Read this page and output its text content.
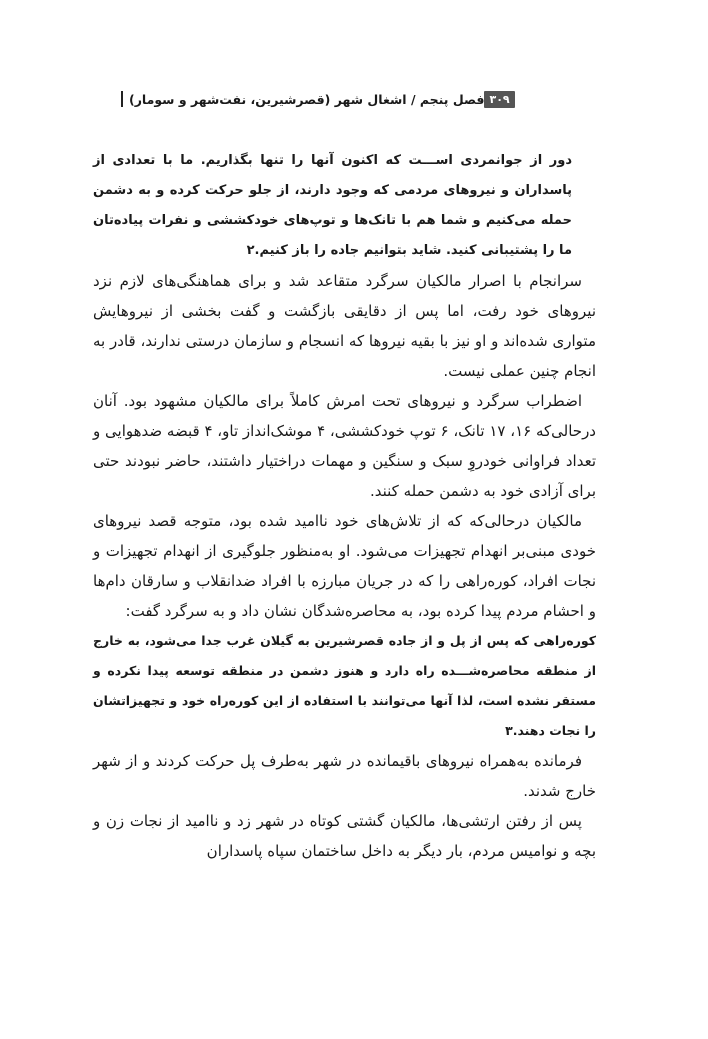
فصل پنجم / اشغال شهر (قصرشیرین، نفت‌شهر و سومار) ۳۰۹

دور از جوانمردی اســـت که اکنون آنها را تنها بگذاریم. ما با تعدادی از پاسداران و نیروهای مردمی که وجود دارند، از جلو حرکت کرده و به دشمن حمله می‌کنیم و شما هم با تانک‌ها و توپ‌های خودکششی و نفرات پیاده‌تان ما را پشتیبانی کنید. شاید بتوانیم جاده را باز کنیم.۲

سرانجام با اصرار مالکیان سرگرد متقاعد شد و برای هماهنگی‌های لازم نزد نیروهای خود رفت، اما پس از دقایقی بازگشت و گفت بخشی از نیروهایش متواری شده‌اند و او نیز با بقیه نیروها که انسجام و سازمان درستی ندارند، قادر به انجام چنین عملی نیست.

اضطراب سرگرد و نیروهای تحت امرش کاملاً برای مالکیان مشهود بود. آنان درحالی‌که ۱۶، ۱۷ تانک، ۶ توپ خودکششی، ۴ موشک‌انداز تاو، ۴ قبضه ضدهوایی و تعداد فراوانی خودروِ سبک و سنگین و مهمات دراختیار داشتند، حاضر نبودند حتی برای آزادی خود به دشمن حمله کنند.

مالکیان درحالی‌که که از تلاش‌های خود ناامید شده بود، متوجه قصد نیروهای خودی مبنی‌بر انهدام تجهیزات می‌شود. او به‌منظور جلوگیری از انهدام تجهیزات و نجات افراد، کوره‌راهی را که در جریان مبارزه با افراد ضدانقلاب و سارقان دام‌ها و احشام مردم پیدا کرده بود، به محاصره‌شدگان نشان داد و به سرگرد گفت:

کوره‌راهی که پس از پل و از جاده قصرشیرین به گیلان غرب جدا می‌شود، به خارج از منطقه محاصره‌شـــده راه دارد و هنوز دشمن در منطقه توسعه پیدا نکرده و مستقر نشده است، لذا آنها می‌توانند با استفاده از این کوره‌راه خود و تجهیزاتشان را نجات دهند.۳

فرمانده به‌همراه نیروهای باقیمانده در شهر به‌طرف پل حرکت کردند و از شهر خارج شدند.

پس از رفتن ارتشی‌ها، مالکیان گشتی کوتاه در شهر زد و ناامید از نجات زن و بچه و نوامیس مردم، بار دیگر به داخل ساختمان سپاه پاسداران
